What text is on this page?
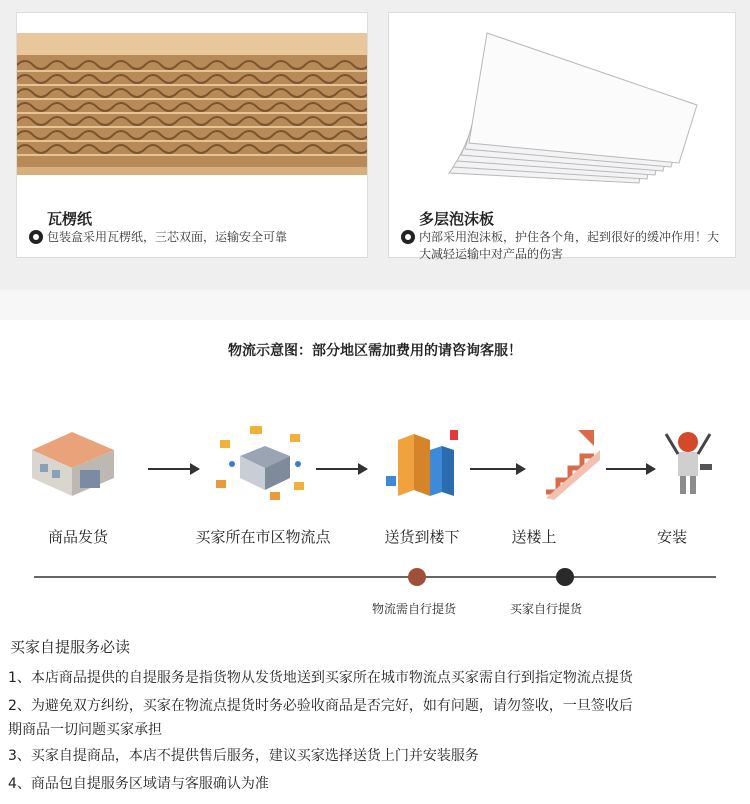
瓦楞纸
包装盒采用瓦楞纸，三芯双面，运输安全可靠
多层泡沫板
内部采用泡沫板，护住各个角，起到很好的缓冲作用！大大减轻运输中对产品的伤害
物流示意图：部分地区需加费用的请咨询客服！
商品发货	买家所在市区物流点	送货到楼下	送楼上	安装
物流需自行提货	买家自行提货
买家自提服务必读
1、本店商品提供的自提服务是指货物从发货地送到买家所在城市物流点买家需自行到指定物流点提货
2、为避免双方纠纷，买家在物流点提货时务必验收商品是否完好，如有问题，请勿签收，一旦签收后
期商品一切问题买家承担
3、买家自提商品，本店不提供售后服务，建议买家选择送货上门并安装服务
4、商品包自提服务区域请与客服确认为准
